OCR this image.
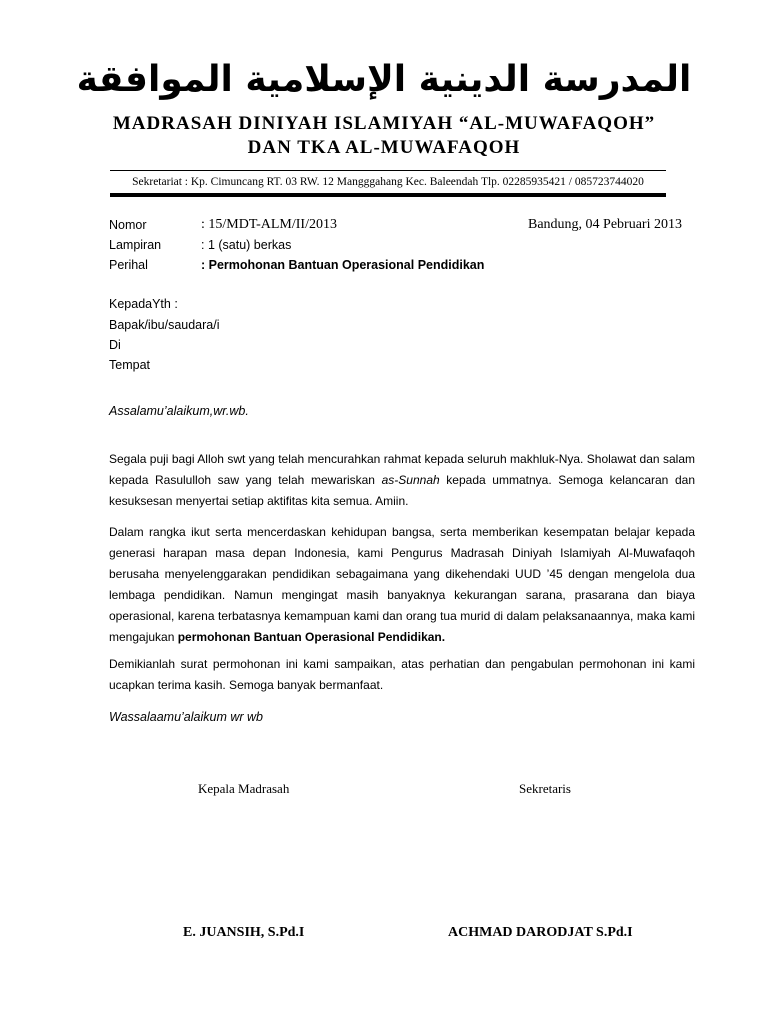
المدرسة الدينية الإسلامية الموافقة
MADRASAH DINIYAH ISLAMIYAH “AL-MUWAFAQOH”
DAN TKA AL-MUWAFAQOH
Sekretariat : Kp. Cimuncang RT. 03 RW. 12 Mangggahang Kec. Baleendah Tlp. 02285935421 / 085723744020
Nomor	: 15/MDT-ALM/II/2013
Lampiran	: 1 (satu) berkas
Perihal	: Permohonan Bantuan Operasional Pendidikan
Bandung, 04 Pebruari 2013
KepadaYth :
Bapak/ibu/saudara/i
Di
Tempat
Assalamu’alaikum,wr.wb.
Segala puji bagi Alloh swt yang telah mencurahkan rahmat kepada seluruh makhluk-Nya. Sholawat dan salam kepada Rasululloh saw yang telah mewariskan as-Sunnah kepada ummatnya. Semoga kelancaran dan kesuksesan menyertai setiap aktifitas kita semua. Amiin.
Dalam rangka ikut serta mencerdaskan kehidupan bangsa, serta memberikan kesempatan belajar kepada generasi harapan masa depan Indonesia, kami Pengurus Madrasah Diniyah Islamiyah Al-Muwafaqoh berusaha menyelenggarakan pendidikan sebagaimana yang dikehendaki UUD ’45 dengan mengelola dua lembaga pendidikan. Namun mengingat masih banyaknya kekurangan sarana, prasarana dan biaya operasional, karena terbatasnya kemampuan kami dan orang tua murid di dalam pelaksanaannya, maka kami mengajukan permohonan Bantuan Operasional Pendidikan.
Demikianlah surat permohonan ini kami sampaikan, atas perhatian dan pengabulan permohonan ini kami ucapkan terima kasih. Semoga banyak bermanfaat.
Wassalaamu’alaikum wr wb
Kepala Madrasah	Sekretaris
E. JUANSIH, S.Pd.I	ACHMAD DARODJAT S.Pd.I
